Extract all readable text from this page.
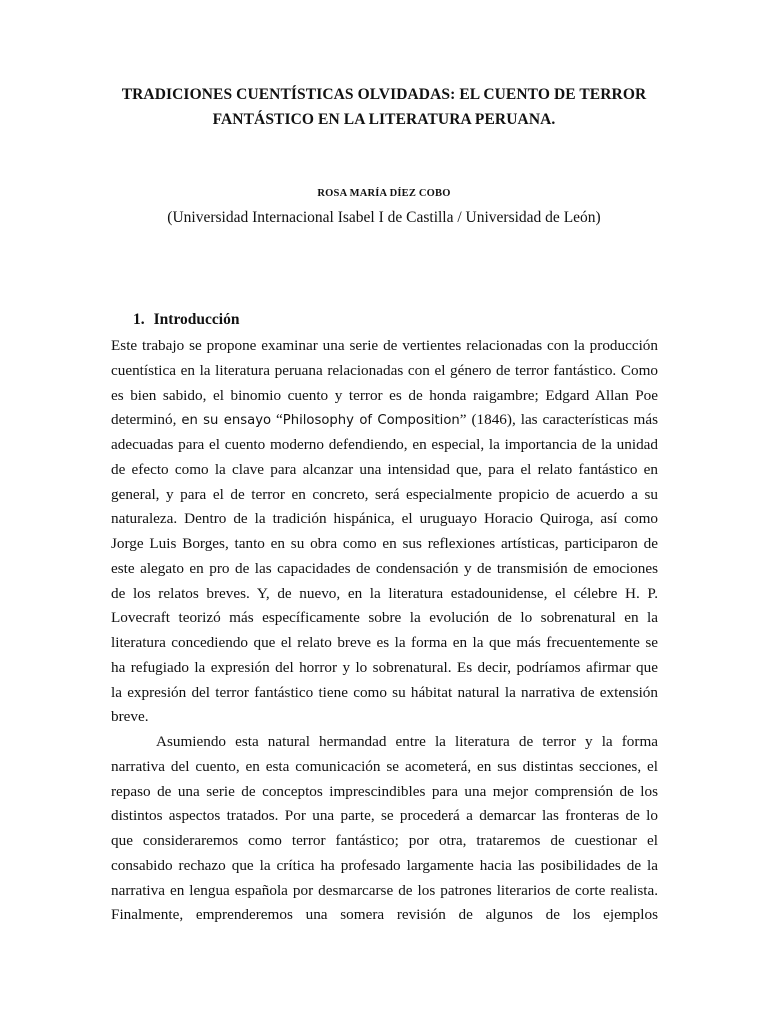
TRADICIONES CUENTÍSTICAS OLVIDADAS: EL CUENTO DE TERROR
FANTÁSTICO EN LA LITERATURA PERUANA.
ROSA MARÍA DÍEZ COBO
(Universidad Internacional Isabel I de Castilla / Universidad de León)
1. Introducción
Este trabajo se propone examinar una serie de vertientes relacionadas con la producción
cuentística en la literatura peruana relacionadas con el género de terror fantástico. Como
es bien sabido, el binomio cuento y terror es de honda raigambre; Edgard Allan Poe
determinó, en su ensayo “Philosophy of Composition” (1846), las características más
adecuadas para el cuento moderno defendiendo, en especial, la importancia de la unidad
de efecto como la clave para alcanzar una intensidad que, para el relato fantástico en
general, y para el de terror en concreto, será especialmente propicio de acuerdo a su
naturaleza. Dentro de la tradición hispánica, el uruguayo Horacio Quiroga, así como
Jorge Luis Borges, tanto en su obra como en sus reflexiones artísticas, participaron de
este alegato en pro de las capacidades de condensación y de transmisión de emociones
de los relatos breves. Y, de nuevo, en la literatura estadounidense, el célebre H. P.
Lovecraft teorizó más específicamente sobre la evolución de lo sobrenatural en la
literatura concediendo que el relato breve es la forma en la que más frecuentemente se
ha refugiado la expresión del horror y lo sobrenatural. Es decir, podríamos afirmar que
la expresión del terror fantástico tiene como su hábitat natural la narrativa de extensión
breve.
Asumiendo esta natural hermandad entre la literatura de terror y la forma
narrativa del cuento, en esta comunicación se acometerá, en sus distintas secciones, el
repaso de una serie de conceptos imprescindibles para una mejor comprensión de los
distintos aspectos tratados. Por una parte, se procederá a demarcar las fronteras de lo
que consideraremos como terror fantástico; por otra, trataremos de cuestionar el
consabido rechazo que la crítica ha profesado largamente hacia las posibilidades de la
narrativa en lengua española por desmarcarse de los patrones literarios de corte realista.
Finalmente, emprenderemos una somera revisión de algunos de los ejemplos
